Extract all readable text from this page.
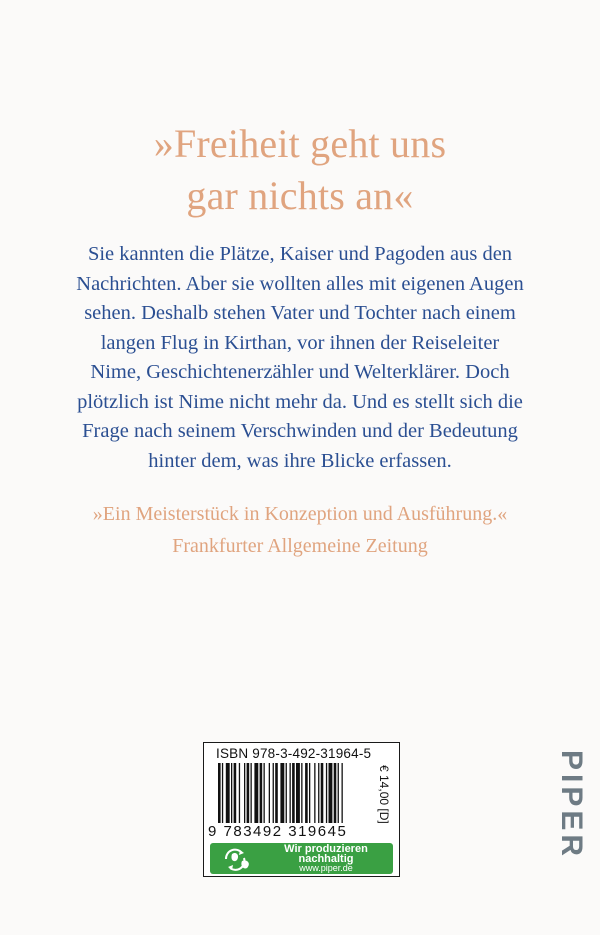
»Freiheit geht uns
gar nichts an«
Sie kannten die Plätze, Kaiser und Pagoden aus den
Nachrichten. Aber sie wollten alles mit eigenen Augen
sehen. Deshalb stehen Vater und Tochter nach einem
langen Flug in Kirthan, vor ihnen der Reiseleiter
Nime, Geschichtenerzähler und Welterklärer. Doch
plötzlich ist Nime nicht mehr da. Und es stellt sich die
Frage nach seinem Verschwinden und der Bedeutung
hinter dem, was ihre Blicke erfassen.
»Ein Meisterstück in Konzeption und Ausführung.«
Frankfurter Allgemeine Zeitung
ISBN 978-3-492-31964-5
9 783492 319645
€ 14,00 [D]
Wir produzieren
nachhaltig
www.piper.de
PIPER
